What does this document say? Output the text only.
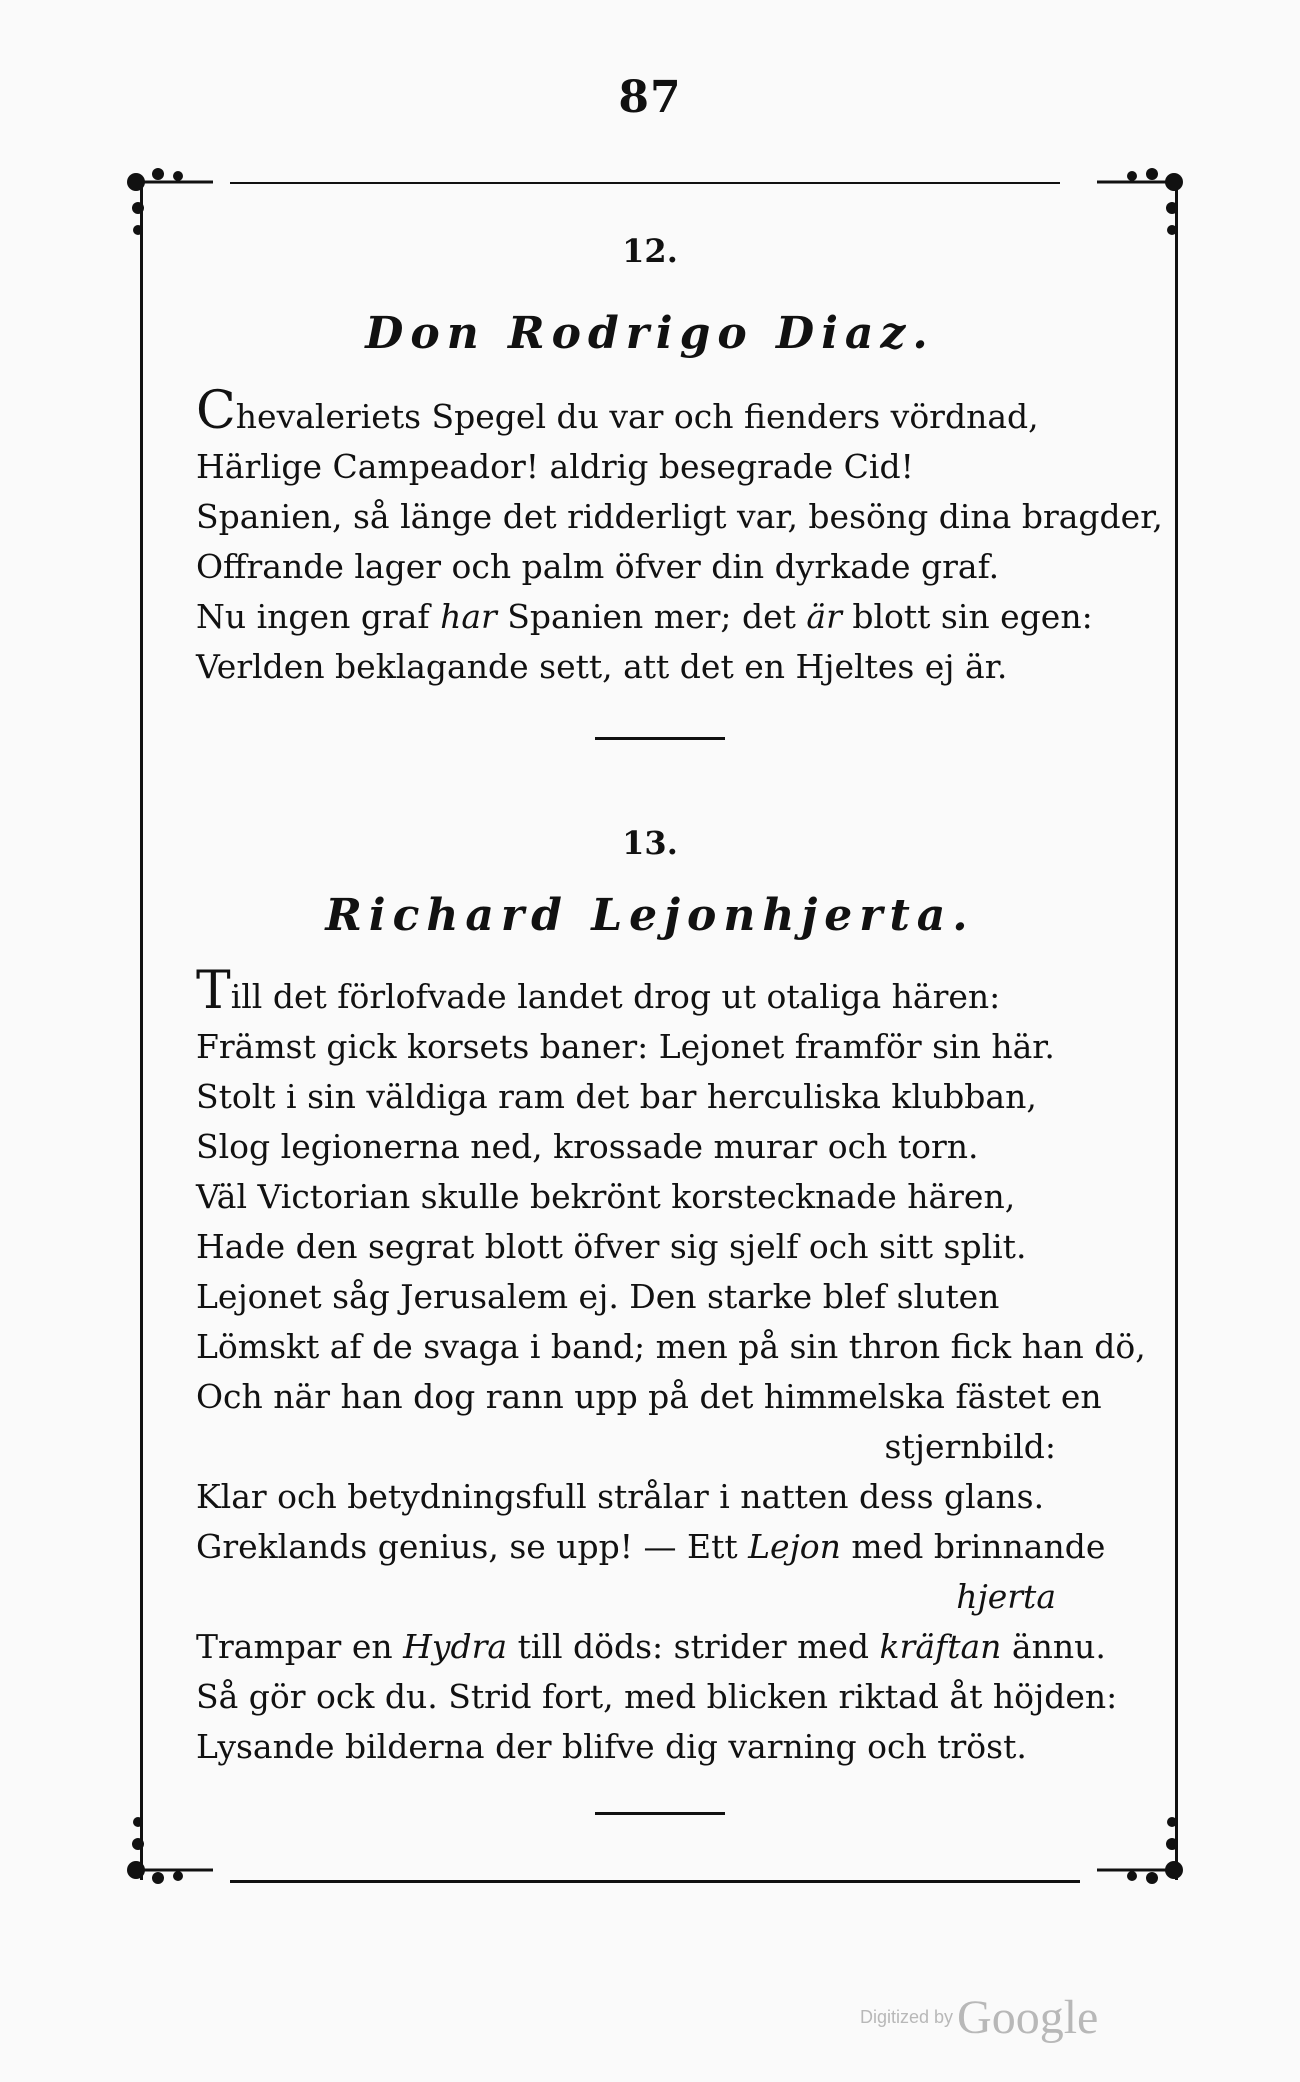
87
12.
Don Rodrigo Diaz.
Chevaleriets Spegel du var och fienders vördnad,
Härlige Campeador! aldrig besegrade Cid!
Spanien, så länge det ridderligt var, besöng dina bragder,
Offrande lager och palm öfver din dyrkade graf.
Nu ingen graf har Spanien mer; det är blott sin egen:
Verlden beklagande sett, att det en Hjeltes ej är.
13.
Richard Lejonhjerta.
Till det förlofvade landet drog ut otaliga hären:
Främst gick korsets baner: Lejonet framför sin här.
Stolt i sin väldiga ram det bar herculiska klubban,
Slog legionerna ned, krossade murar och torn.
Väl Victorian skulle bekrönt korstecknade hären,
Hade den segrat blott öfver sig sjelf och sitt split.
Lejonet såg Jerusalem ej. Den starke blef sluten
Lömskt af de svaga i band; men på sin thron fick han dö,
Och när han dog rann upp på det himmelska fästet en
stjernbild:
Klar och betydningsfull strålar i natten dess glans.
Greklands genius, se upp! — Ett Lejon med brinnande
hjerta
Trampar en Hydra till döds: strider med kräftan ännu.
Så gör ock du. Strid fort, med blicken riktad åt höjden:
Lysande bilderna der blifve dig varning och tröst.
Digitized byGoogle
